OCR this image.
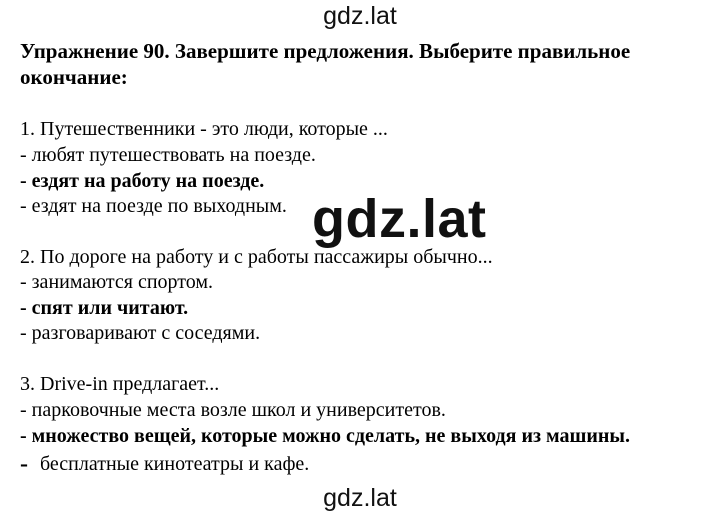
gdz.lat
Упражнение 90. Завершите предложения. Выберите правильное окончание:
1. Путешественники - это люди, которые ...
- любят путешествовать на поезде.
- ездят на работу на поезде.
- ездят на поезде по выходным.
2. По дороге на работу и с работы пассажиры обычно...
- занимаются спортом.
- спят или читают.
- разговаривают с соседями.
3. Drive-in предлагает...
- парковочные места возле школ и университетов.
- множество вещей, которые можно сделать, не выходя из машины.
- бесплатные кинотеатры и кафе.
gdz.lat
gdz.lat
